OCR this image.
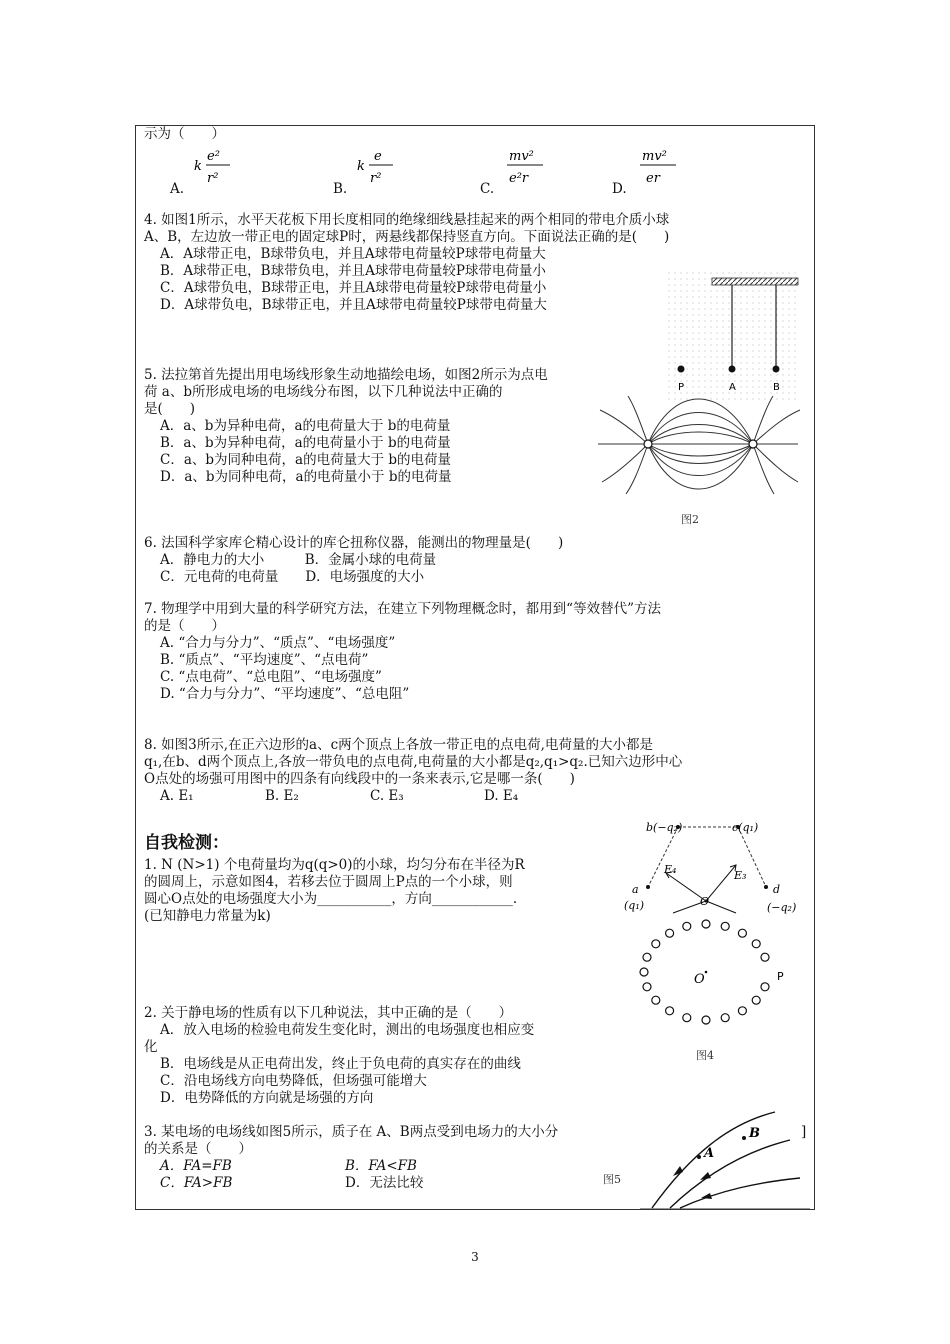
示为（　　）
A.
k
e²
r²
B.
k
e
r²
C.
mv²
e²r
D.
mv²
er
4. 如图1所示，水平天花板下用长度相同的绝缘细线悬挂起来的两个相同的带电介质小球
A、B，左边放一带正电的固定球P时，两悬线都保持竖直方向。下面说法正确的是(　　)
A．A球带正电，B球带负电，并且A球带电荷量较P球带电荷量大
B．A球带正电，B球带负电，并且A球带电荷量较P球带电荷量小
C．A球带负电，B球带正电，并且A球带电荷量较P球带电荷量小
D．A球带负电，B球带正电，并且A球带电荷量较P球带电荷量大
P	A	B
5. 法拉第首先提出用电场线形象生动地描绘电场，如图2所示为点电
荷 a、b所形成电场的电场线分布图，以下几种说法中正确的
是(　　)
A．a、b为异种电荷，a的电荷量大于 b的电荷量
B．a、b为异种电荷，a的电荷量小于 b的电荷量
C．a、b为同种电荷，a的电荷量大于 b的电荷量
D．a、b为同种电荷，a的电荷量小于 b的电荷量
图2
6. 法国科学家库仑精心设计的库仑扭称仪器，能测出的物理量是(　　)
A．静电力的大小　　　B．金属小球的电荷量
C．元电荷的电荷量　　D．电场强度的大小
7. 物理学中用到大量的科学研究方法，在建立下列物理概念时，都用到“等效替代”方法
的是（　　）
A. “合力与分力”、“质点”、“电场强度”
B. “质点”、“平均速度”、“点电荷”
C. “点电荷”、“总电阻”、“电场强度”
D. “合力与分力”、“平均速度”、“总电阻”
8. 如图3所示,在正六边形的a、c两个顶点上各放一带正电的点电荷,电荷量的大小都是
q₁,在b、d两个顶点上,各放一带负电的点电荷,电荷量的大小都是q₂,q₁>q₂.已知六边形中心
O点处的场强可用图中的四条有向线段中的一条来表示,它是哪一条(　　)
A. E₁	B. E₂	C. E₃	D. E₄
b(−q₂)	c(q₁)
a
(q₁)
d
(−q₂)
E₄	E₃
O
自我检测：
1. N (N>1) 个电荷量均为q(q>0)的小球，均匀分布在半径为R
的圆周上，示意如图4，若移去位于圆周上P点的一个小球，则
圆心O点处的电场强度大小为___________，方向____________.
(已知静电力常量为k)
O	P
图4
2. 关于静电场的性质有以下几种说法，其中正确的是（　　）
A．放入电场的检验电荷发生变化时，测出的电场强度也相应变
化
B．电场线是从正电荷出发，终止于负电荷的真实存在的曲线
C．沿电场线方向电势降低，但场强可能增大
D．电势降低的方向就是场强的方向
3. 某电场的电场线如图5所示，质子在 A、B两点受到电场力的大小分	]
的关系是（　　）
A．FA=FB	B．FA<FB
C．FA>FB	D．无法比较	图5
A
B
3
